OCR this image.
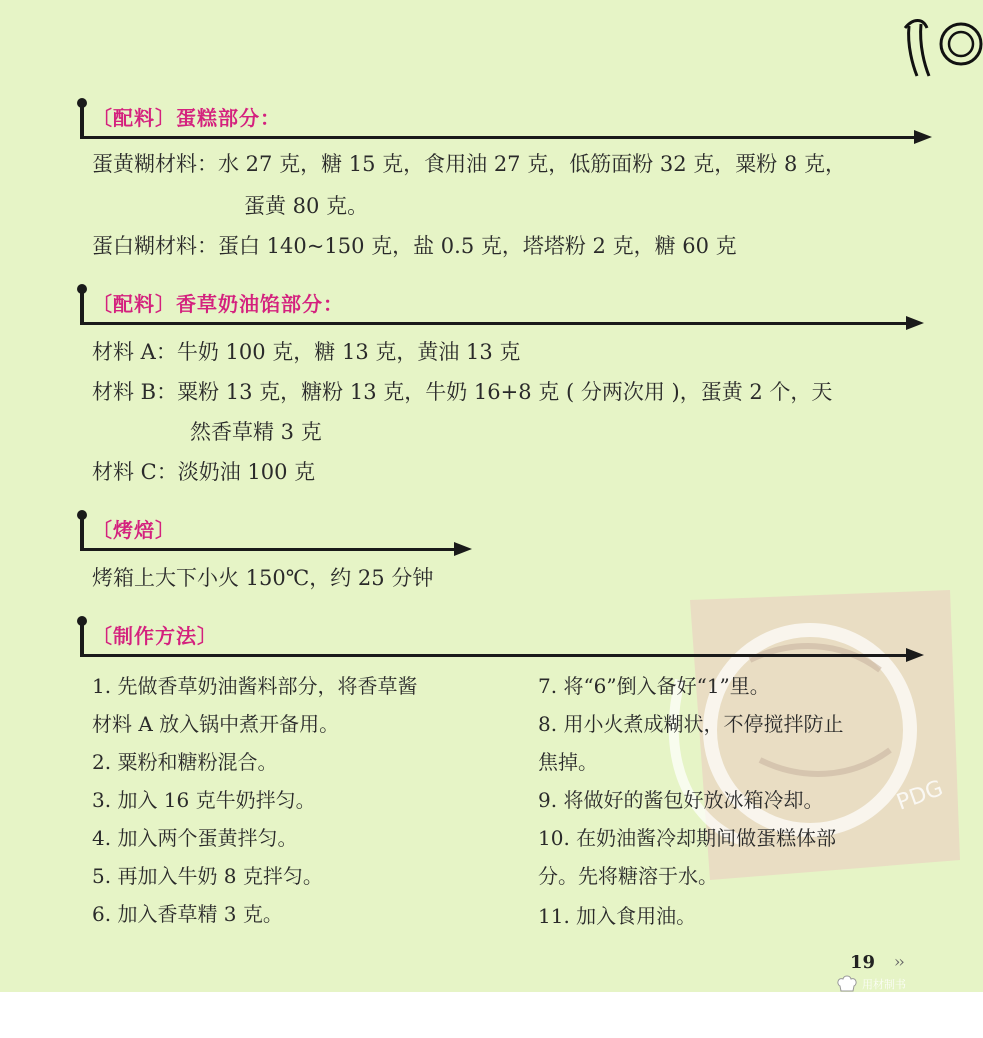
PDG
〔配料〕蛋糕部分：
蛋黄糊材料：水 27 克，糖 15 克，食用油 27 克，低筋面粉 32 克，粟粉 8 克，
蛋黄 80 克。
蛋白糊材料：蛋白 140~150 克，盐 0.5 克，塔塔粉 2 克，糖 60 克
〔配料〕香草奶油馅部分：
材料 A：牛奶 100 克，糖 13 克，黄油 13 克
材料 B：粟粉 13 克，糖粉 13 克，牛奶 16+8 克 ( 分两次用 )，蛋黄 2 个，天
然香草精 3 克
材料 C：淡奶油 100 克
〔烤焙〕
烤箱上大下小火 150℃，约 25 分钟
〔制作方法〕
1. 先做香草奶油酱料部分，将香草酱
材料 A 放入锅中煮开备用。
2. 粟粉和糖粉混合。
3. 加入 16 克牛奶拌匀。
4. 加入两个蛋黄拌匀。
5. 再加入牛奶 8 克拌匀。
6. 加入香草精 3 克。
7. 将“6”倒入备好“1”里。
8. 用小火煮成糊状，不停搅拌防止
焦掉。
9. 将做好的酱包好放冰箱冷却。
10. 在奶油酱冷却期间做蛋糕体部
分。先将糖溶于水。
11. 加入食用油。
19 ››
用材制书
